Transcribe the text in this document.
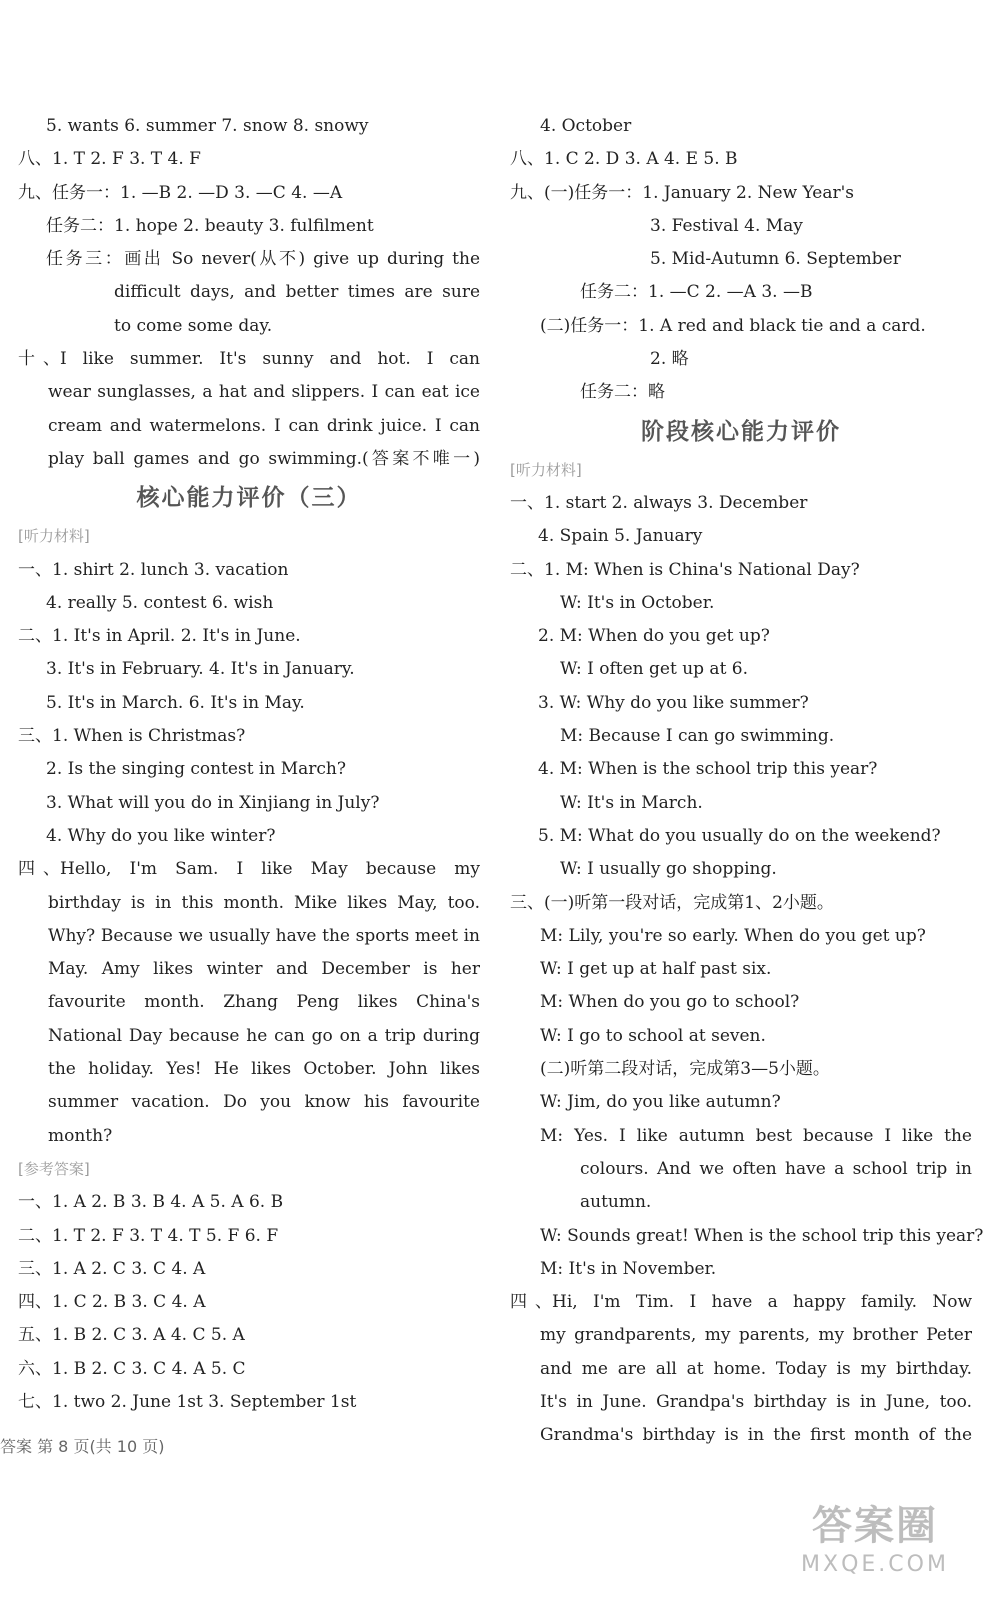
5. wants 6. summer 7. snow 8. snowy
八、1. T 2. F 3. T 4. F
九、任务一：1. —B 2. —D 3. —C 4. —A
任务二：1. hope 2. beauty 3. fulfilment
任务三：画出 So never(从不) give up during the
difficult days, and better times are sure
to come some day.
十、I like summer. It's sunny and hot. I can
wear sunglasses, a hat and slippers. I can eat ice
cream and watermelons. I can drink juice. I can
play ball games and go swimming.(答案不唯一)
核心能力评价（三）
[听力材料]
一、1. shirt 2. lunch 3. vacation
4. really 5. contest 6. wish
二、1. It's in April. 2. It's in June.
3. It's in February. 4. It's in January.
5. It's in March. 6. It's in May.
三、1. When is Christmas?
2. Is the singing contest in March?
3. What will you do in Xinjiang in July?
4. Why do you like winter?
四、Hello, I'm Sam. I like May because my
birthday is in this month. Mike likes May, too.
Why? Because we usually have the sports meet in
May. Amy likes winter and December is her
favourite month. Zhang Peng likes China's
National Day because he can go on a trip during
the holiday. Yes! He likes October. John likes
summer vacation. Do you know his favourite
month?
[参考答案]
一、1. A 2. B 3. B 4. A 5. A 6. B
二、1. T 2. F 3. T 4. T 5. F 6. F
三、1. A 2. C 3. C 4. A
四、1. C 2. B 3. C 4. A
五、1. B 2. C 3. A 4. C 5. A
六、1. B 2. C 3. C 4. A 5. C
七、1. two 2. June 1st 3. September 1st
4. October
八、1. C 2. D 3. A 4. E 5. B
九、(一)任务一：1. January 2. New Year's
3. Festival 4. May
5. Mid-Autumn 6. September
任务二：1. —C 2. —A 3. —B
(二)任务一：1. A red and black tie and a card.
2. 略
任务二：略
阶段核心能力评价
[听力材料]
一、1. start 2. always 3. December
4. Spain 5. January
二、1. M: When is China's National Day?
W: It's in October.
2. M: When do you get up?
W: I often get up at 6.
3. W: Why do you like summer?
M: Because I can go swimming.
4. M: When is the school trip this year?
W: It's in March.
5. M: What do you usually do on the weekend?
W: I usually go shopping.
三、(一)听第一段对话，完成第1、2小题。
M: Lily, you're so early. When do you get up?
W: I get up at half past six.
M: When do you go to school?
W: I go to school at seven.
(二)听第二段对话，完成第3—5小题。
W: Jim, do you like autumn?
M: Yes. I like autumn best because I like the
colours. And we often have a school trip in
autumn.
W: Sounds great! When is the school trip this year?
M: It's in November.
四、Hi, I'm Tim. I have a happy family. Now
my grandparents, my parents, my brother Peter
and me are all at home. Today is my birthday.
It's in June. Grandpa's birthday is in June, too.
Grandma's birthday is in the first month of the
答案 第 8 页(共 10 页)
答案圈
MXQE.COM
